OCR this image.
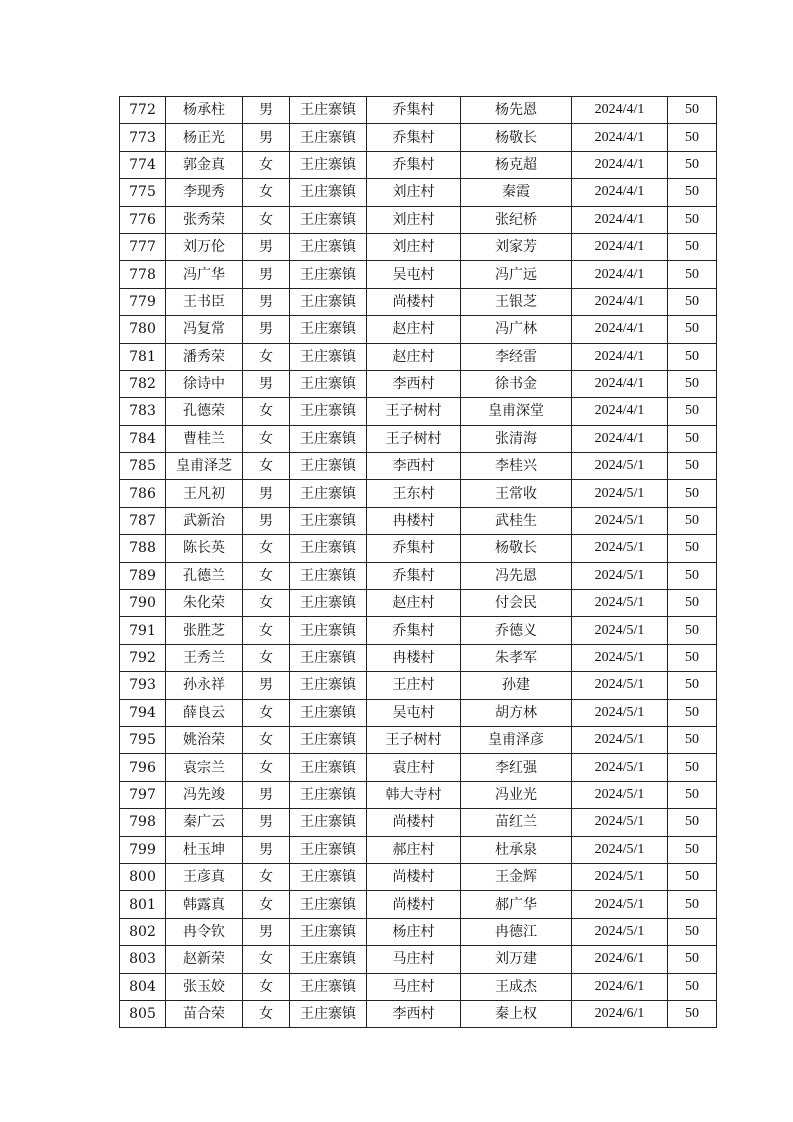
772	杨承柱	男	王庄寨镇	乔集村	杨先恩	2024/4/1	50
773	杨正光	男	王庄寨镇	乔集村	杨敬长	2024/4/1	50
774	郭金真	女	王庄寨镇	乔集村	杨克超	2024/4/1	50
775	李现秀	女	王庄寨镇	刘庄村	秦霞	2024/4/1	50
776	张秀荣	女	王庄寨镇	刘庄村	张纪桥	2024/4/1	50
777	刘万伦	男	王庄寨镇	刘庄村	刘家芳	2024/4/1	50
778	冯广华	男	王庄寨镇	吴屯村	冯广远	2024/4/1	50
779	王书臣	男	王庄寨镇	尚楼村	王银芝	2024/4/1	50
780	冯复常	男	王庄寨镇	赵庄村	冯广林	2024/4/1	50
781	潘秀荣	女	王庄寨镇	赵庄村	李经雷	2024/4/1	50
782	徐诗中	男	王庄寨镇	李西村	徐书金	2024/4/1	50
783	孔德荣	女	王庄寨镇	王子树村	皇甫深堂	2024/4/1	50
784	曹桂兰	女	王庄寨镇	王子树村	张清海	2024/4/1	50
785	皇甫泽芝	女	王庄寨镇	李西村	李桂兴	2024/5/1	50
786	王凡初	男	王庄寨镇	王东村	王常收	2024/5/1	50
787	武新治	男	王庄寨镇	冉楼村	武桂生	2024/5/1	50
788	陈长英	女	王庄寨镇	乔集村	杨敬长	2024/5/1	50
789	孔德兰	女	王庄寨镇	乔集村	冯先恩	2024/5/1	50
790	朱化荣	女	王庄寨镇	赵庄村	付会民	2024/5/1	50
791	张胜芝	女	王庄寨镇	乔集村	乔德义	2024/5/1	50
792	王秀兰	女	王庄寨镇	冉楼村	朱孝军	2024/5/1	50
793	孙永祥	男	王庄寨镇	王庄村	孙建	2024/5/1	50
794	薛良云	女	王庄寨镇	吴屯村	胡方林	2024/5/1	50
795	姚治荣	女	王庄寨镇	王子树村	皇甫泽彦	2024/5/1	50
796	袁宗兰	女	王庄寨镇	袁庄村	李红强	2024/5/1	50
797	冯先竣	男	王庄寨镇	韩大寺村	冯业光	2024/5/1	50
798	秦广云	男	王庄寨镇	尚楼村	苗红兰	2024/5/1	50
799	杜玉坤	男	王庄寨镇	郝庄村	杜承泉	2024/5/1	50
800	王彦真	女	王庄寨镇	尚楼村	王金辉	2024/5/1	50
801	韩露真	女	王庄寨镇	尚楼村	郝广华	2024/5/1	50
802	冉令钦	男	王庄寨镇	杨庄村	冉德江	2024/5/1	50
803	赵新荣	女	王庄寨镇	马庄村	刘万建	2024/6/1	50
804	张玉姣	女	王庄寨镇	马庄村	王成杰	2024/6/1	50
805	苗合荣	女	王庄寨镇	李西村	秦上权	2024/6/1	50
